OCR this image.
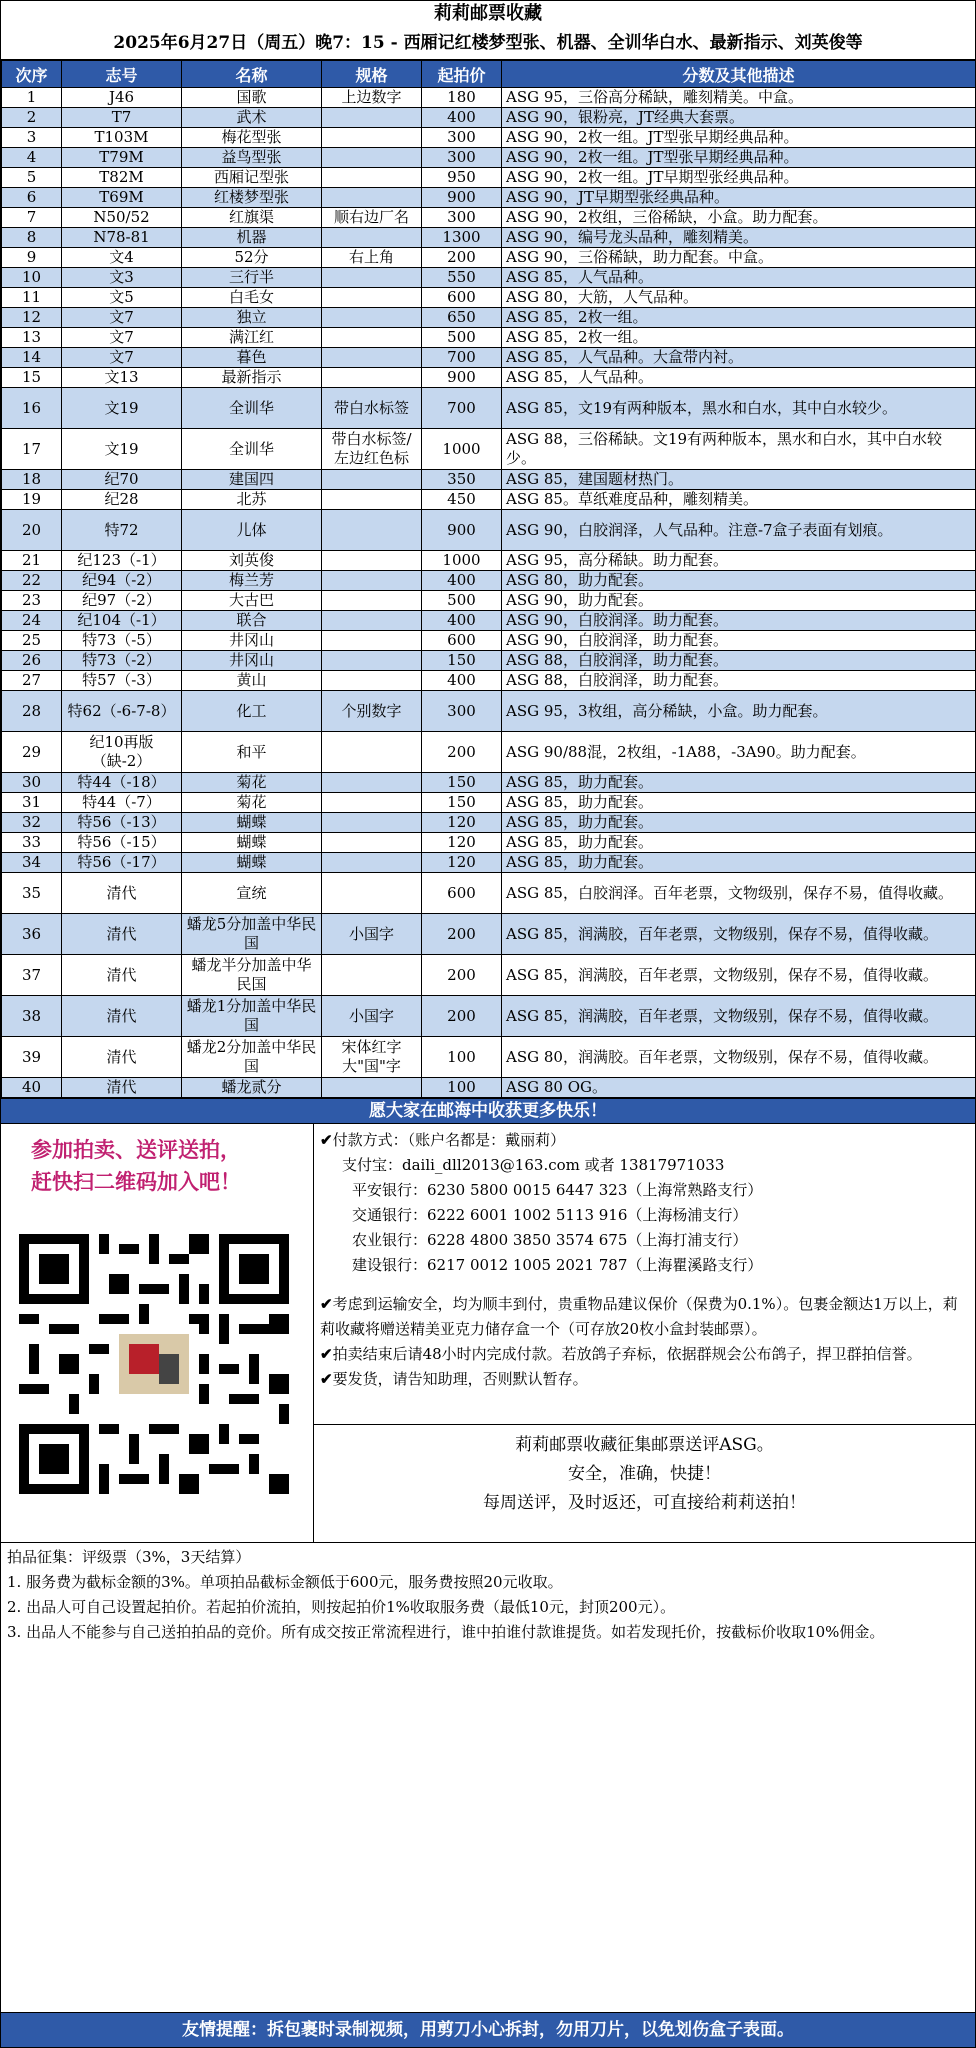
莉莉邮票收藏
2025年6月27日（周五）晚7：15 - 西厢记红楼梦型张、机器、全训华白水、最新指示、刘英俊等
次序	志号	名称	规格	起拍价	分数及其他描述
1	J46	国歌	上边数字	180	ASG 95，三俗高分稀缺，雕刻精美。中盒。
2	T7	武术		400	ASG 90，银粉亮，JT经典大套票。
3	T103M	梅花型张		300	ASG 90，2枚一组。JT型张早期经典品种。
4	T79M	益鸟型张		300	ASG 90，2枚一组。JT型张早期经典品种。
5	T82M	西厢记型张		950	ASG 90，2枚一组。JT早期型张经典品种。
6	T69M	红楼梦型张		900	ASG 90，JT早期型张经典品种。
7	N50/52	红旗渠	顺右边厂名	300	ASG 90，2枚组，三俗稀缺，小盒。助力配套。
8	N78-81	机器		1300	ASG 90，编号龙头品种，雕刻精美。
9	文4	52分	右上角	200	ASG 90，三俗稀缺，助力配套。中盒。
10	文3	三行半		550	ASG 85，人气品种。
11	文5	白毛女		600	ASG 80，大筋，人气品种。
12	文7	独立		650	ASG 85，2枚一组。
13	文7	满江红		500	ASG 85，2枚一组。
14	文7	暮色		700	ASG 85，人气品种。大盒带内衬。
15	文13	最新指示		900	ASG 85，人气品种。
16	文19	全训华	带白水标签	700	ASG 85，文19有两种版本，黑水和白水，其中白水较少。
17	文19	全训华	带白水标签/左边红色标	1000	ASG 88，三俗稀缺。文19有两种版本，黑水和白水，其中白水较少。
18	纪70	建国四		350	ASG 85，建国题材热门。
19	纪28	北苏		450	ASG 85。草纸难度品种，雕刻精美。
20	特72	儿体		900	ASG 90，白胶润泽，人气品种。注意-7盒子表面有划痕。
21	纪123（-1）	刘英俊		1000	ASG 95，高分稀缺。助力配套。
22	纪94（-2）	梅兰芳		400	ASG 80，助力配套。
23	纪97（-2）	大古巴		500	ASG 90，助力配套。
24	纪104（-1）	联合		400	ASG 90，白胶润泽。助力配套。
25	特73（-5）	井冈山		600	ASG 90，白胶润泽，助力配套。
26	特73（-2）	井冈山		150	ASG 88，白胶润泽，助力配套。
27	特57（-3）	黄山		400	ASG 88，白胶润泽，助力配套。
28	特62（-6-7-8）	化工	个别数字	300	ASG 95，3枚组，高分稀缺，小盒。助力配套。
29	纪10再版（缺-2）	和平		200	ASG 90/88混，2枚组，-1A88，-3A90。助力配套。
30	特44（-18）	菊花		150	ASG 85，助力配套。
31	特44（-7）	菊花		150	ASG 85，助力配套。
32	特56（-13）	蝴蝶		120	ASG 85，助力配套。
33	特56（-15）	蝴蝶		120	ASG 85，助力配套。
34	特56（-17）	蝴蝶		120	ASG 85，助力配套。
35	清代	宣统		600	ASG 85，白胶润泽。百年老票，文物级别，保存不易，值得收藏。
36	清代	蟠龙5分加盖中华民国	小国字	200	ASG 85，润满胶，百年老票，文物级别，保存不易，值得收藏。
37	清代	蟠龙半分加盖中华民国		200	ASG 85，润满胶，百年老票，文物级别，保存不易，值得收藏。
38	清代	蟠龙1分加盖中华民国	小国字	200	ASG 85，润满胶，百年老票，文物级别，保存不易，值得收藏。
39	清代	蟠龙2分加盖中华民国	宋体红字大"国"字	100	ASG 80，润满胶。百年老票，文物级别，保存不易，值得收藏。
40	清代	蟠龙贰分		100	ASG 80 OG。
愿大家在邮海中收获更多快乐！
参加拍卖、送评送拍，
赶快扫二维码加入吧！
✔付款方式：（账户名都是：戴丽莉）
支付宝：daili_dll2013@163.com 或者 13817971033
平安银行：6230 5800 0015 6447 323（上海常熟路支行）
交通银行：6222 6001 1002 5113 916（上海杨浦支行）
农业银行：6228 4800 3850 3574 675（上海打浦支行）
建设银行：6217 0012 1005 2021 787（上海瞿溪路支行）
✔考虑到运输安全，均为顺丰到付，贵重物品建议保价（保费为0.1%）。包裹金额达1万以上，莉莉收藏将赠送精美亚克力储存盒一个（可存放20枚小盒封装邮票）。
✔拍卖结束后请48小时内完成付款。若放鸽子弃标，依据群规会公布鸽子，捍卫群拍信誉。
✔要发货，请告知助理，否则默认暂存。
莉莉邮票收藏征集邮票送评ASG。
安全，准确，快捷！
每周送评，及时返还，可直接给莉莉送拍！
拍品征集：评级票（3%，3天结算）
1. 服务费为截标金额的3%。单项拍品截标金额低于600元，服务费按照20元收取。
2. 出品人可自己设置起拍价。若起拍价流拍，则按起拍价1%收取服务费（最低10元，封顶200元）。
3. 出品人不能参与自己送拍拍品的竞价。所有成交按正常流程进行，谁中拍谁付款谁提货。如若发现托价，按截标价收取10%佣金。
友情提醒：拆包裹时录制视频，用剪刀小心拆封，勿用刀片，以免划伤盒子表面。
